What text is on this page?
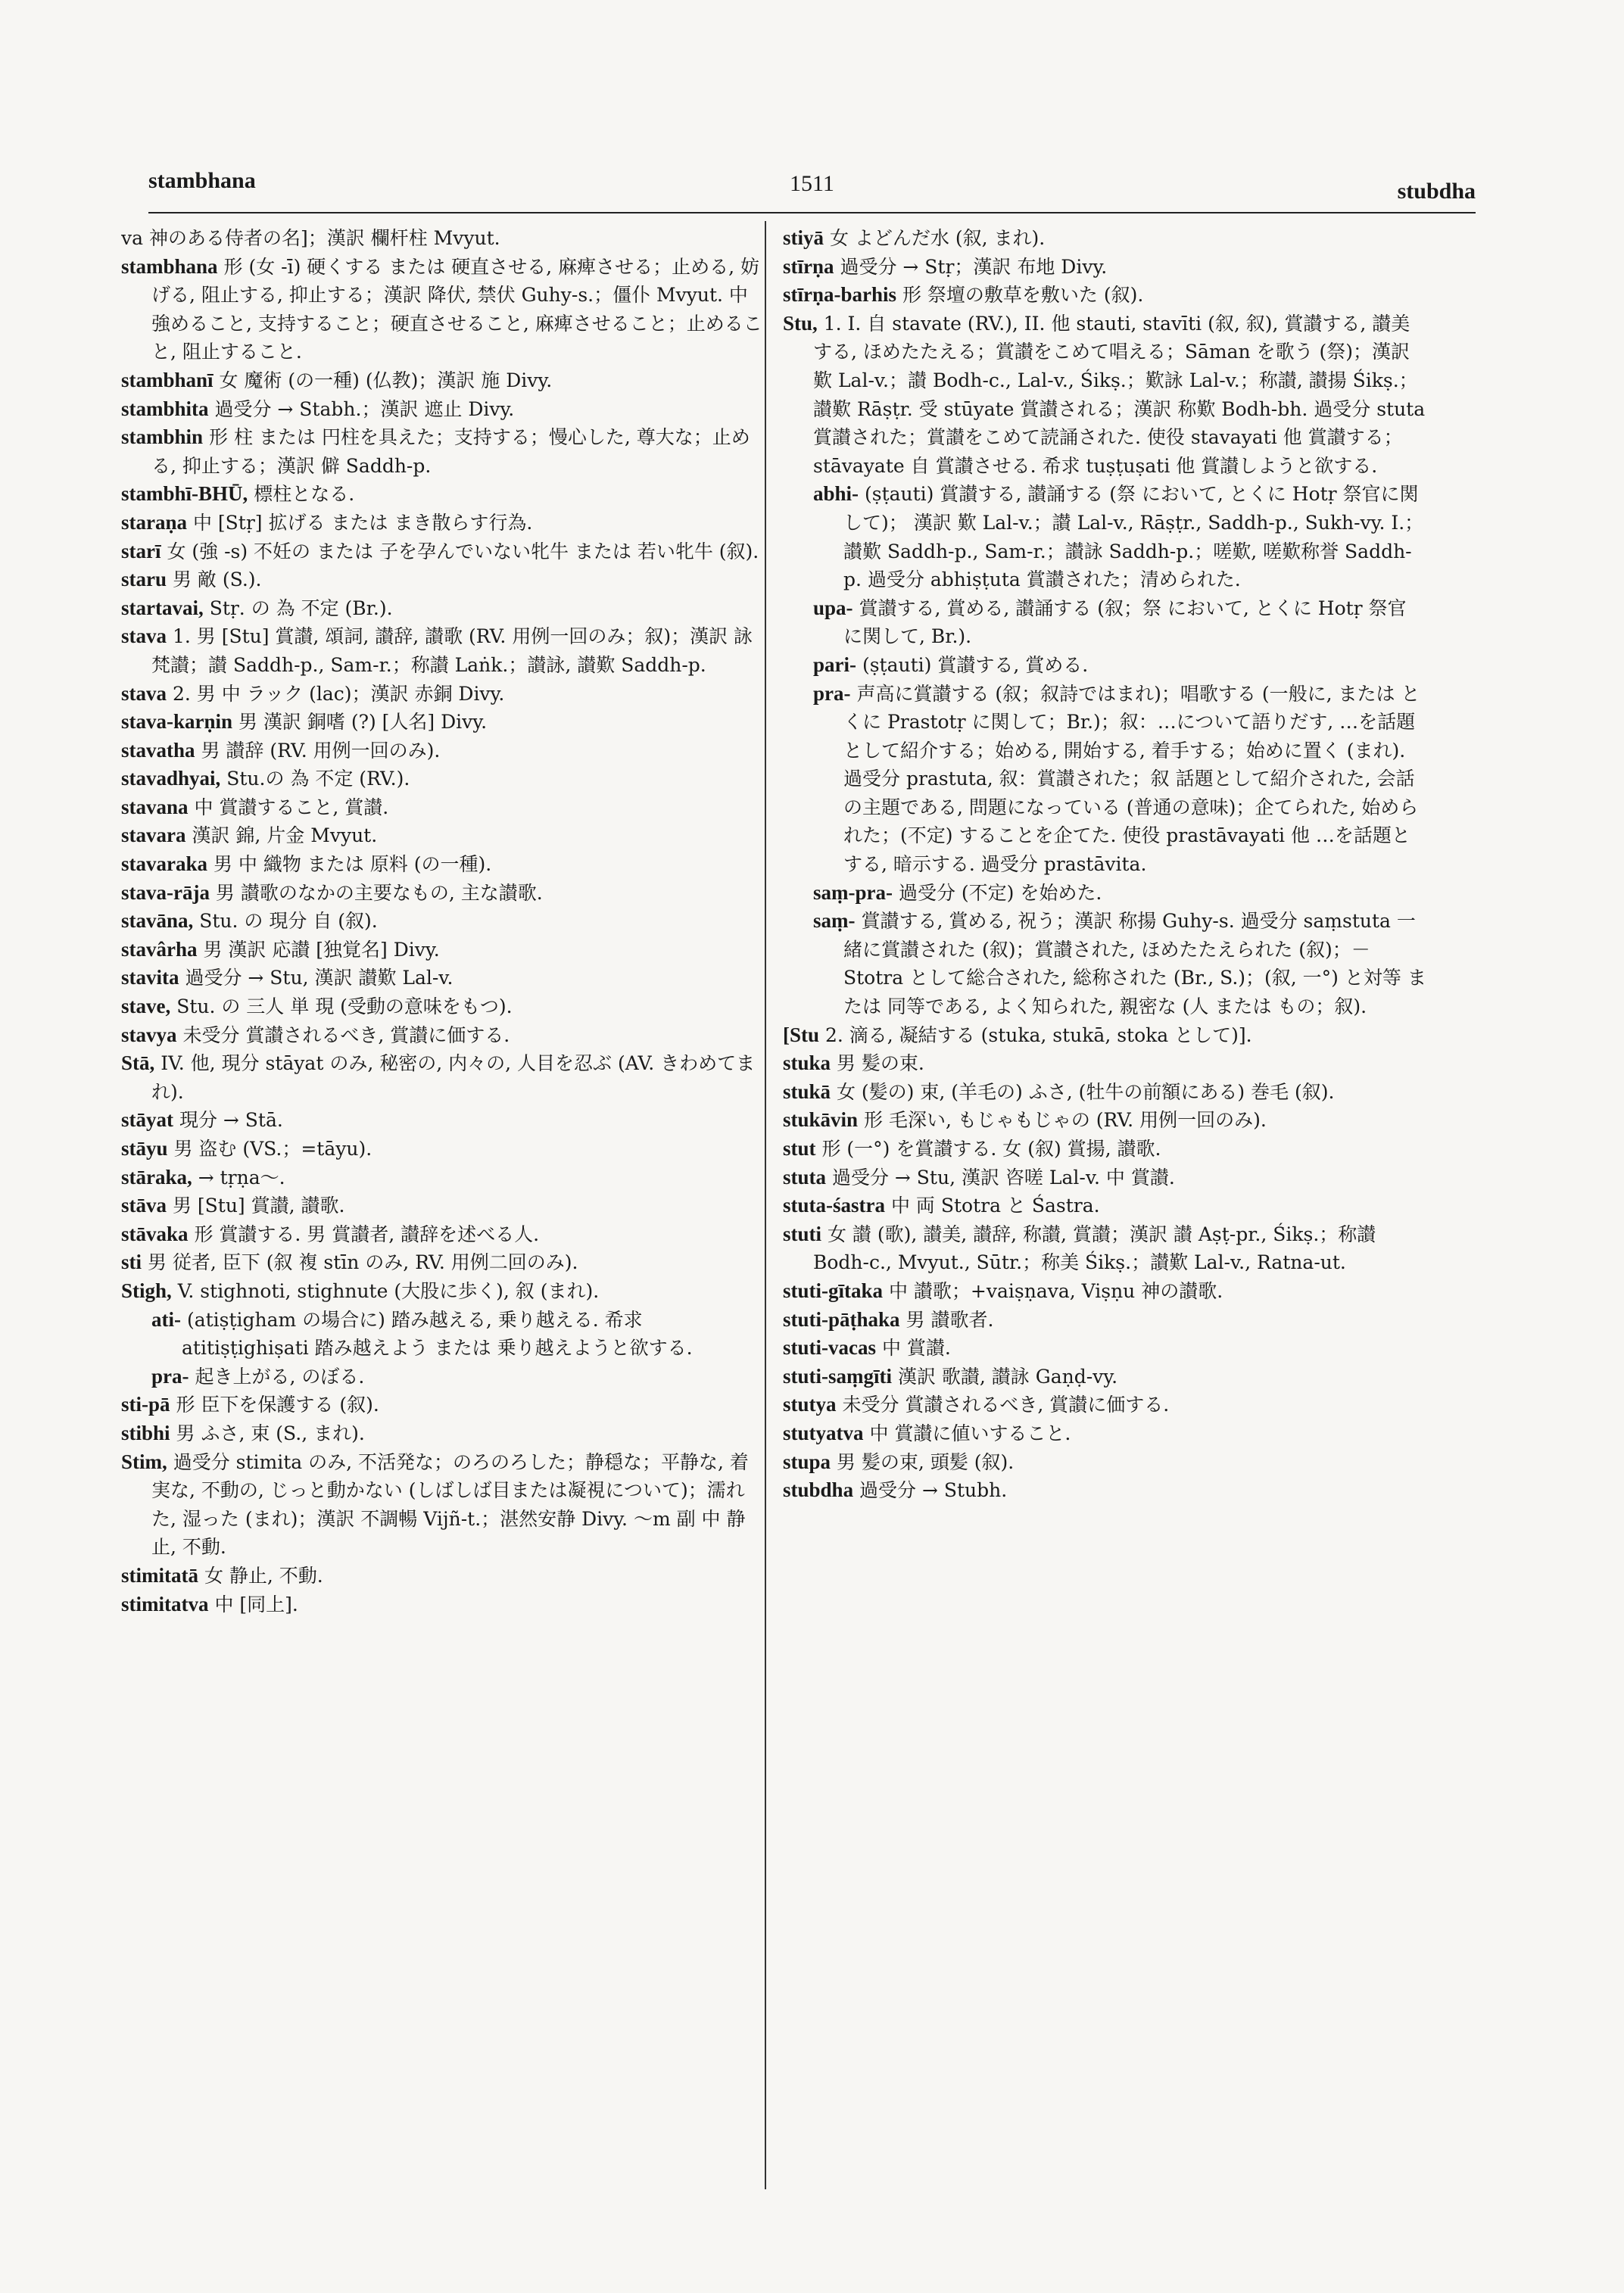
stambhana	1511	stubdha

va 神のある侍者の名]；漢訳 欄杆柱 Mvyut.

stambhana 形 (女 -ī) 硬くする または 硬直させる, 麻痺させる；止める, 妨げる, 阻止する, 抑止する；漢訳 降伏, 禁伏 Guhy-s.；僵仆 Mvyut. 中 強めること, 支持すること；硬直させること, 麻痺させること；止めること, 阻止すること.

stambhanī 女 魔術 (の一種) (仏教)；漢訳 施 Divy.

stambhita 過受分 → Stabh.；漢訳 遮止 Divy.

stambhin 形 柱 または 円柱を具えた；支持する；慢心した, 尊大な；止める, 抑止する；漢訳 僻 Saddh-p.

stambhī-BHŪ, 標柱となる.

staraṇa 中 [Stṛ] 拡げる または まき散らす行為.

starī 女 (強 -s) 不妊の または 子を孕んでいない牝牛 または 若い牝牛 (叙).

staru 男 敵 (S.).

startavai, Stṛ. の 為 不定 (Br.).

stava 1. 男 [Stu] 賞讃, 頌詞, 讃辞, 讃歌 (RV. 用例一回のみ；叙)；漢訳 詠 梵讃；讃 Saddh-p., Sam-r.；称讃 Laṅk.；讃詠, 讃歎 Saddh-p.

stava 2. 男 中 ラック (lac)；漢訳 赤銅 Divy.

stava-karṇin 男 漢訳 銅嗜 (?) [人名] Divy.

stavatha 男 讃辞 (RV. 用例一回のみ).

stavadhyai, Stu.の 為 不定 (RV.).

stavana 中 賞讃すること, 賞讃.

stavara 漢訳 錦, 片金 Mvyut.

stavaraka 男 中 織物 または 原料 (の一種).

stava-rāja 男 讃歌のなかの主要なもの, 主な讃歌.

stavāna, Stu. の 現分 自 (叙).

stavârha 男 漢訳 応讃 [独覚名] Divy.

stavita 過受分 → Stu, 漢訳 讃歎 Lal-v.

stave, Stu. の 三人 単 現 (受動の意味をもつ).

stavya 未受分 賞讃されるべき, 賞讃に価する.

Stā, IV. 他, 現分 stāyat のみ, 秘密の, 内々の, 人目を忍ぶ (AV. きわめてまれ).

stāyat 現分 → Stā.

stāyu 男 盗む (VS.；=tāyu).

stāraka, → tṛṇa～.

stāva 男 [Stu] 賞讃, 讃歌.

stāvaka 形 賞讃する. 男 賞讃者, 讃辞を述べる人.

sti 男 従者, 臣下 (叙 複 stīn のみ, RV. 用例二回のみ).

Stigh, V. stighnoti, stighnute (大股に歩く), 叙 (まれ).

ati- (atiṣṭigham の場合に) 踏み越える, 乗り越える. 希求 atitiṣṭighiṣati 踏み越えよう または 乗り越えようと欲する.

pra- 起き上がる, のぼる.

sti-pā 形 臣下を保護する (叙).

stibhi 男 ふさ, 束 (S., まれ).

Stim, 過受分 stimita のみ, 不活発な；のろのろした；静穏な；平静な, 着実な, 不動の, じっと動かない (しばしば目または凝視について)；濡れた, 湿った (まれ)；漢訳 不調暢 Vijñ-t.；湛然安静 Divy. ～m 副 中 静止, 不動.

stimitatā 女 静止, 不動.

stimitatva 中 [同上].

stiyā 女 よどんだ水 (叙, まれ).

stīrṇa 過受分 → Stṛ；漢訳 布地 Divy.

stīrṇa-barhis 形 祭壇の敷草を敷いた (叙).

Stu, 1. I. 自 stavate (RV.), II. 他 stauti, stavīti (叙, 叙), 賞讃する, 讃美する, ほめたたえる；賞讃をこめて唱える；Sāman を歌う (祭)；漢訳 歎 Lal-v.；讃 Bodh-c., Lal-v., Śikṣ.；歎詠 Lal-v.；称讃, 讃揚 Śikṣ.；讃歎 Rāṣṭr. 受 stūyate 賞讃される；漢訳 称歎 Bodh-bh. 過受分 stuta 賞讃された；賞讃をこめて読誦された. 使役 stavayati 他 賞讃する；stāvayate 自 賞讃させる. 希求 tuṣṭuṣati 他 賞讃しようと欲する.

abhi- (ṣṭauti) 賞讃する, 讃誦する (祭 において, とくに Hotṛ 祭官に関して)； 漢訳 歎 Lal-v.；讃 Lal-v., Rāṣṭr., Saddh-p., Sukh-vy. I.；讃歎 Saddh-p., Sam-r.；讃詠 Saddh-p.；嗟歎, 嗟歎称誉 Saddh-p. 過受分 abhiṣṭuta 賞讃された；清められた.

upa- 賞讃する, 賞める, 讃誦する (叙；祭 において, とくに Hotṛ 祭官 に関して, Br.).

pari- (ṣṭauti) 賞讃する, 賞める.

pra- 声高に賞讃する (叙；叙詩ではまれ)；唱歌する (一般に, または とくに Prastotṛ に関して；Br.)；叙：…について語りだす, …を話題として紹介する；始める, 開始する, 着手する；始めに置く (まれ). 過受分 prastuta, 叙：賞讃された；叙 話題として紹介された, 会話の主題である, 問題になっている (普通の意味)；企てられた, 始められた；(不定) することを企てた. 使役 prastāvayati 他 …を話題とする, 暗示する. 過受分 prastāvita.

saṃ-pra- 過受分 (不定) を始めた.

saṃ- 賞讃する, 賞める, 祝う；漢訳 称揚 Guhy-s. 過受分 saṃstuta 一緒に賞讃された (叙)；賞讃された, ほめたたえられた (叙)；－Stotra として総合された, 総称された (Br., S.)；(叙, 一°) と対等 または 同等である, よく知られた, 親密な (人 または もの；叙).

[Stu 2. 滴る, 凝結する (stuka, stukā, stoka として)].

stuka 男 髪の束.

stukā 女 (髪の) 束, (羊毛の) ふさ, (牡牛の前額にある) 巻毛 (叙).

stukāvin 形 毛深い, もじゃもじゃの (RV. 用例一回のみ).

stut 形 (一°) を賞讃する. 女 (叙) 賞揚, 讃歌.

stuta 過受分 → Stu, 漢訳 咨嗟 Lal-v. 中 賞讃.

stuta-śastra 中 両 Stotra と Śastra.

stuti 女 讃 (歌), 讃美, 讃辞, 称讃, 賞讃；漢訳 讃 Aṣṭ-pr., Śikṣ.；称讃 Bodh-c., Mvyut., Sūtr.；称美 Śikṣ.；讃歎 Lal-v., Ratna-ut.

stuti-gītaka 中 讃歌；+vaiṣṇava, Viṣṇu 神の讃歌.

stuti-pāṭhaka 男 讃歌者.

stuti-vacas 中 賞讃.

stuti-saṃgīti 漢訳 歌讃, 讃詠 Gaṇḍ-vy.

stutya 未受分 賞讃されるべき, 賞讃に価する.

stutyatva 中 賞讃に値いすること.

stupa 男 髪の束, 頭髪 (叙).

stubdha 過受分 → Stubh.
